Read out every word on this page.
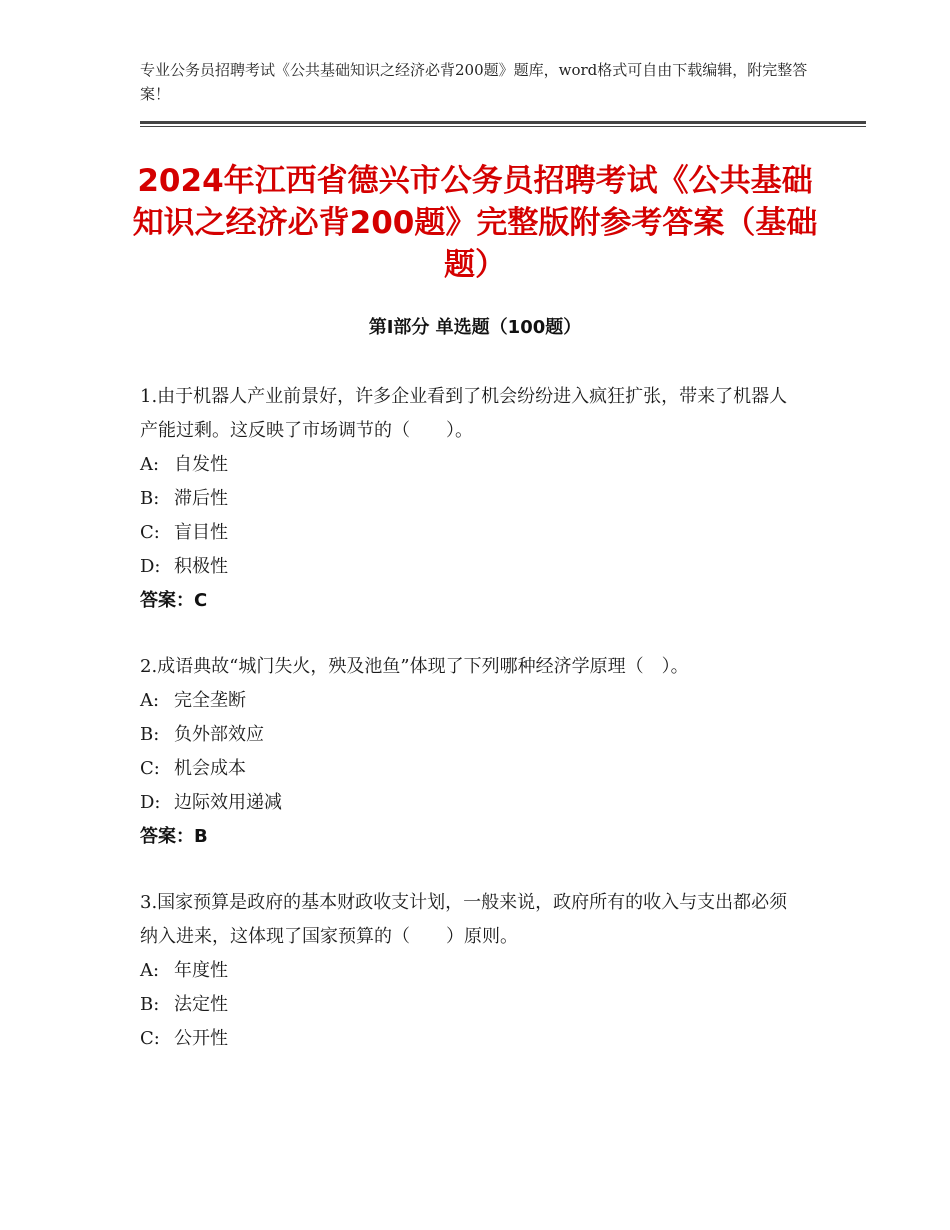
专业公务员招聘考试《公共基础知识之经济必背200题》题库，word格式可自由下载编辑，附完整答案！
2024年江西省德兴市公务员招聘考试《公共基础知识之经济必背200题》完整版附参考答案（基础题）
第Ⅰ部分 单选题（100题）

1.由于机器人产业前景好，许多企业看到了机会纷纷进入疯狂扩张，带来了机器人产能过剩。这反映了市场调节的（　　）。

A: 自发性

B: 滞后性

C: 盲目性

D: 积极性

答案：C

2.成语典故“城门失火，殃及池鱼”体现了下列哪种经济学原理（　）。

A: 完全垄断

B: 负外部效应

C: 机会成本

D: 边际效用递减

答案：B

3.国家预算是政府的基本财政收支计划，一般来说，政府所有的收入与支出都必须纳入进来，这体现了国家预算的（　　）原则。

A: 年度性

B: 法定性

C: 公开性
